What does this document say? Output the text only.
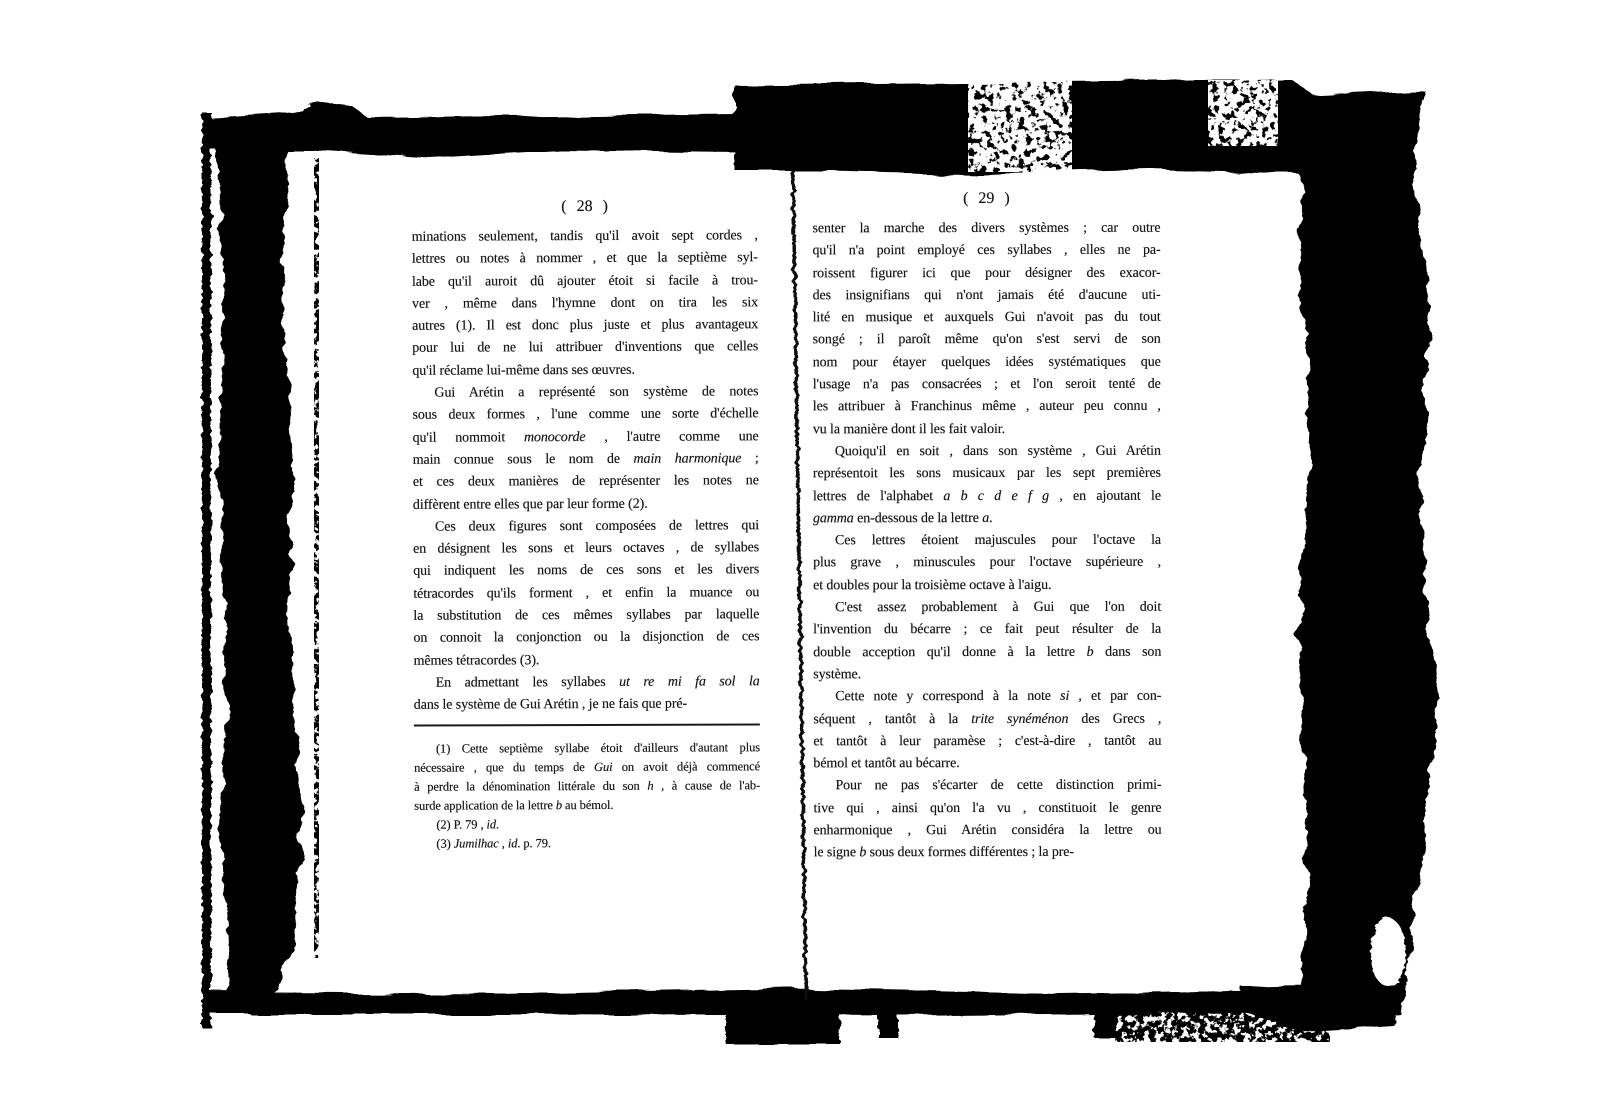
( 28 )
minations seulement, tandis qu'il avoit sept cordes ,
lettres ou notes à nommer , et que la septième syl-
labe qu'il auroit dû ajouter étoit si facile à trou-
ver , même dans l'hymne dont on tira les six
autres (1). Il est donc plus juste et plus avantageux
pour lui de ne lui attribuer d'inventions que celles
qu'il réclame lui-même dans ses œuvres.
Gui Arétin a représenté son système de notes
sous deux formes , l'une comme une sorte d'échelle
qu'il nommoit monocorde , l'autre comme une
main connue sous le nom de main harmonique ;
et ces deux manières de représenter les notes ne
diffèrent entre elles que par leur forme (2).
Ces deux figures sont composées de lettres qui
en désignent les sons et leurs octaves , de syllabes
qui indiquent les noms de ces sons et les divers
tétracordes qu'ils forment , et enfin la muance ou
la substitution de ces mêmes syllabes par laquelle
on connoit la conjonction ou la disjonction de ces
mêmes tétracordes (3).
En admettant les syllabes ut re mi fa sol la
dans le système de Gui Arétin , je ne fais que pré-
(1) Cette septième syllabe étoit d'ailleurs d'autant plus
nécessaire , que du temps de Gui on avoit déjà commencé
à perdre la dénomination littérale du son h , à cause de l'ab-
surde application de la lettre b au bémol.
(2) P. 79 , id.
(3) Jumilhac , id. p. 79.
( 29 )
senter la marche des divers systèmes ; car outre
qu'il n'a point employé ces syllabes , elles ne pa-
roissent figurer ici que pour désigner des exacor-
des insignifians qui n'ont jamais été d'aucune uti-
lité en musique et auxquels Gui n'avoit pas du tout
songé ; il paroît même qu'on s'est servi de son
nom pour étayer quelques idées systématiques que
l'usage n'a pas consacrées ; et l'on seroit tenté de
les attribuer à Franchinus même , auteur peu connu ,
vu la manière dont il les fait valoir.
Quoiqu'il en soit , dans son système , Gui Arétin
représentoit les sons musicaux par les sept premières
lettres de l'alphabet a b c d e f g , en ajoutant le
gamma en-dessous de la lettre a.
Ces lettres étoient majuscules pour l'octave la
plus grave , minuscules pour l'octave supérieure ,
et doubles pour la troisième octave à l'aigu.
C'est assez probablement à Gui que l'on doit
l'invention du bécarre ; ce fait peut résulter de la
double acception qu'il donne à la lettre b dans son
système.
Cette note y correspond à la note si , et par con-
séquent , tantôt à la trite synéménon des Grecs ,
et tantôt à leur paramèse ; c'est-à-dire , tantôt au
bémol et tantôt au bécarre.
Pour ne pas s'écarter de cette distinction primi-
tive qui , ainsi qu'on l'a vu , constituoit le genre
enharmonique , Gui Arétin considéra la lettre ou
le signe b sous deux formes différentes ; la pre-
